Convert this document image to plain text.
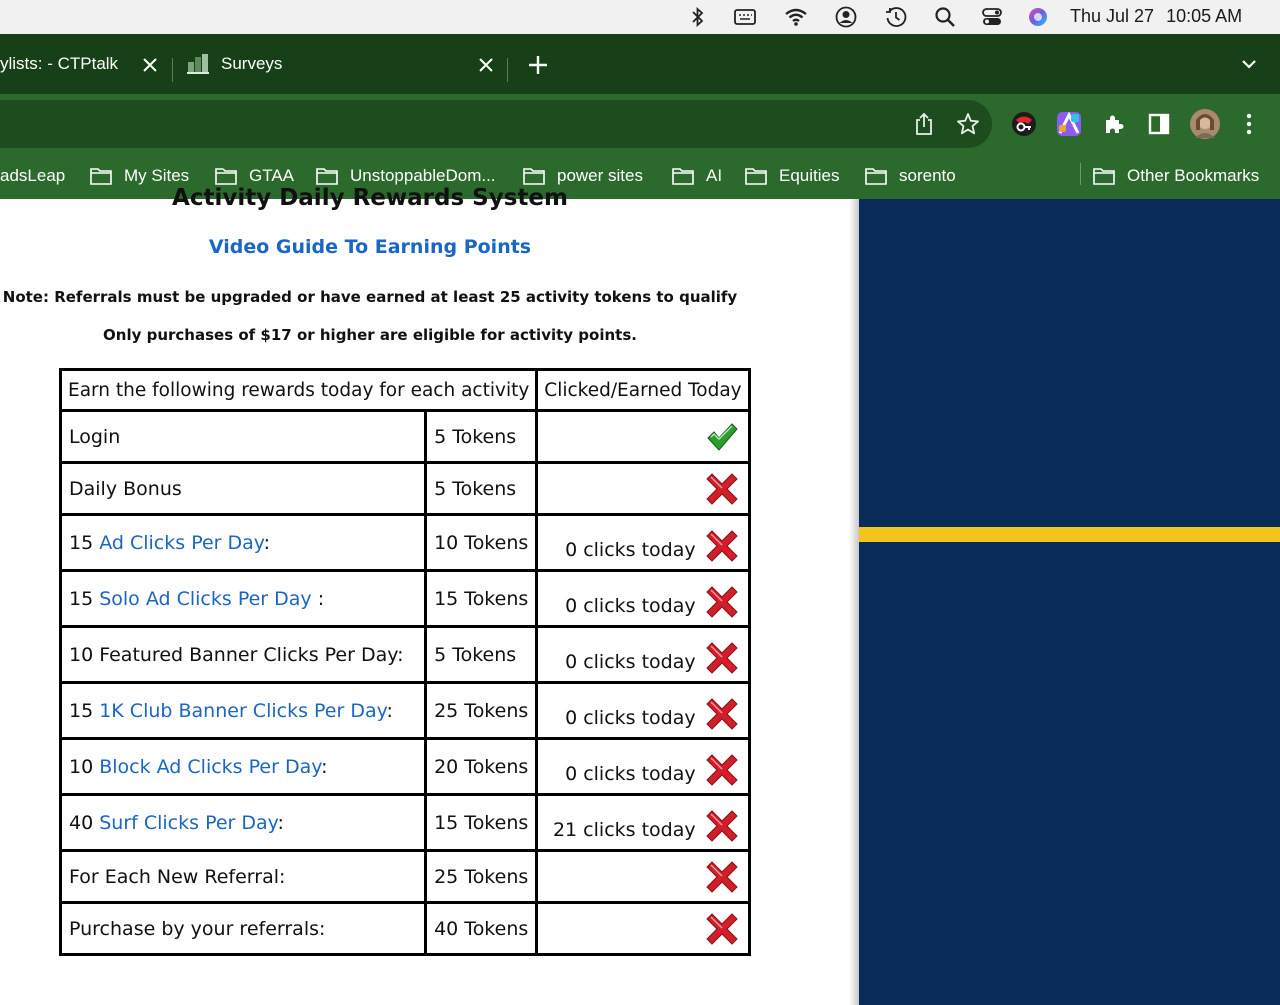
Thu Jul 27 10:05 AM
ylists: - CTPtalk	Surveys
adsLeap	My Sites	GTAA	UnstoppableDom...	power sites	AI	Equities	sorento	Other Bookmarks
Activity Daily Rewards System
Video Guide To Earning Points
Note: Referrals must be upgraded or have earned at least 25 activity tokens to qualify
Only purchases of $17 or higher are eligible for activity points.
Earn the following rewards today for each activity		Clicked/Earned Today
Login	5 Tokens	

Daily Bonus	5 Tokens	

15 Ad Clicks Per Day:	10 Tokens	0 clicks today

15 Solo Ad Clicks Per Day :	15 Tokens	0 clicks today

10 Featured Banner Clicks Per Day:	5 Tokens	0 clicks today

15 1K Club Banner Clicks Per Day:	25 Tokens	0 clicks today

10 Block Ad Clicks Per Day:	20 Tokens	0 clicks today

40 Surf Clicks Per Day:	15 Tokens	21 clicks today

For Each New Referral:	25 Tokens	

Purchase by your referrals:	40 Tokens	
